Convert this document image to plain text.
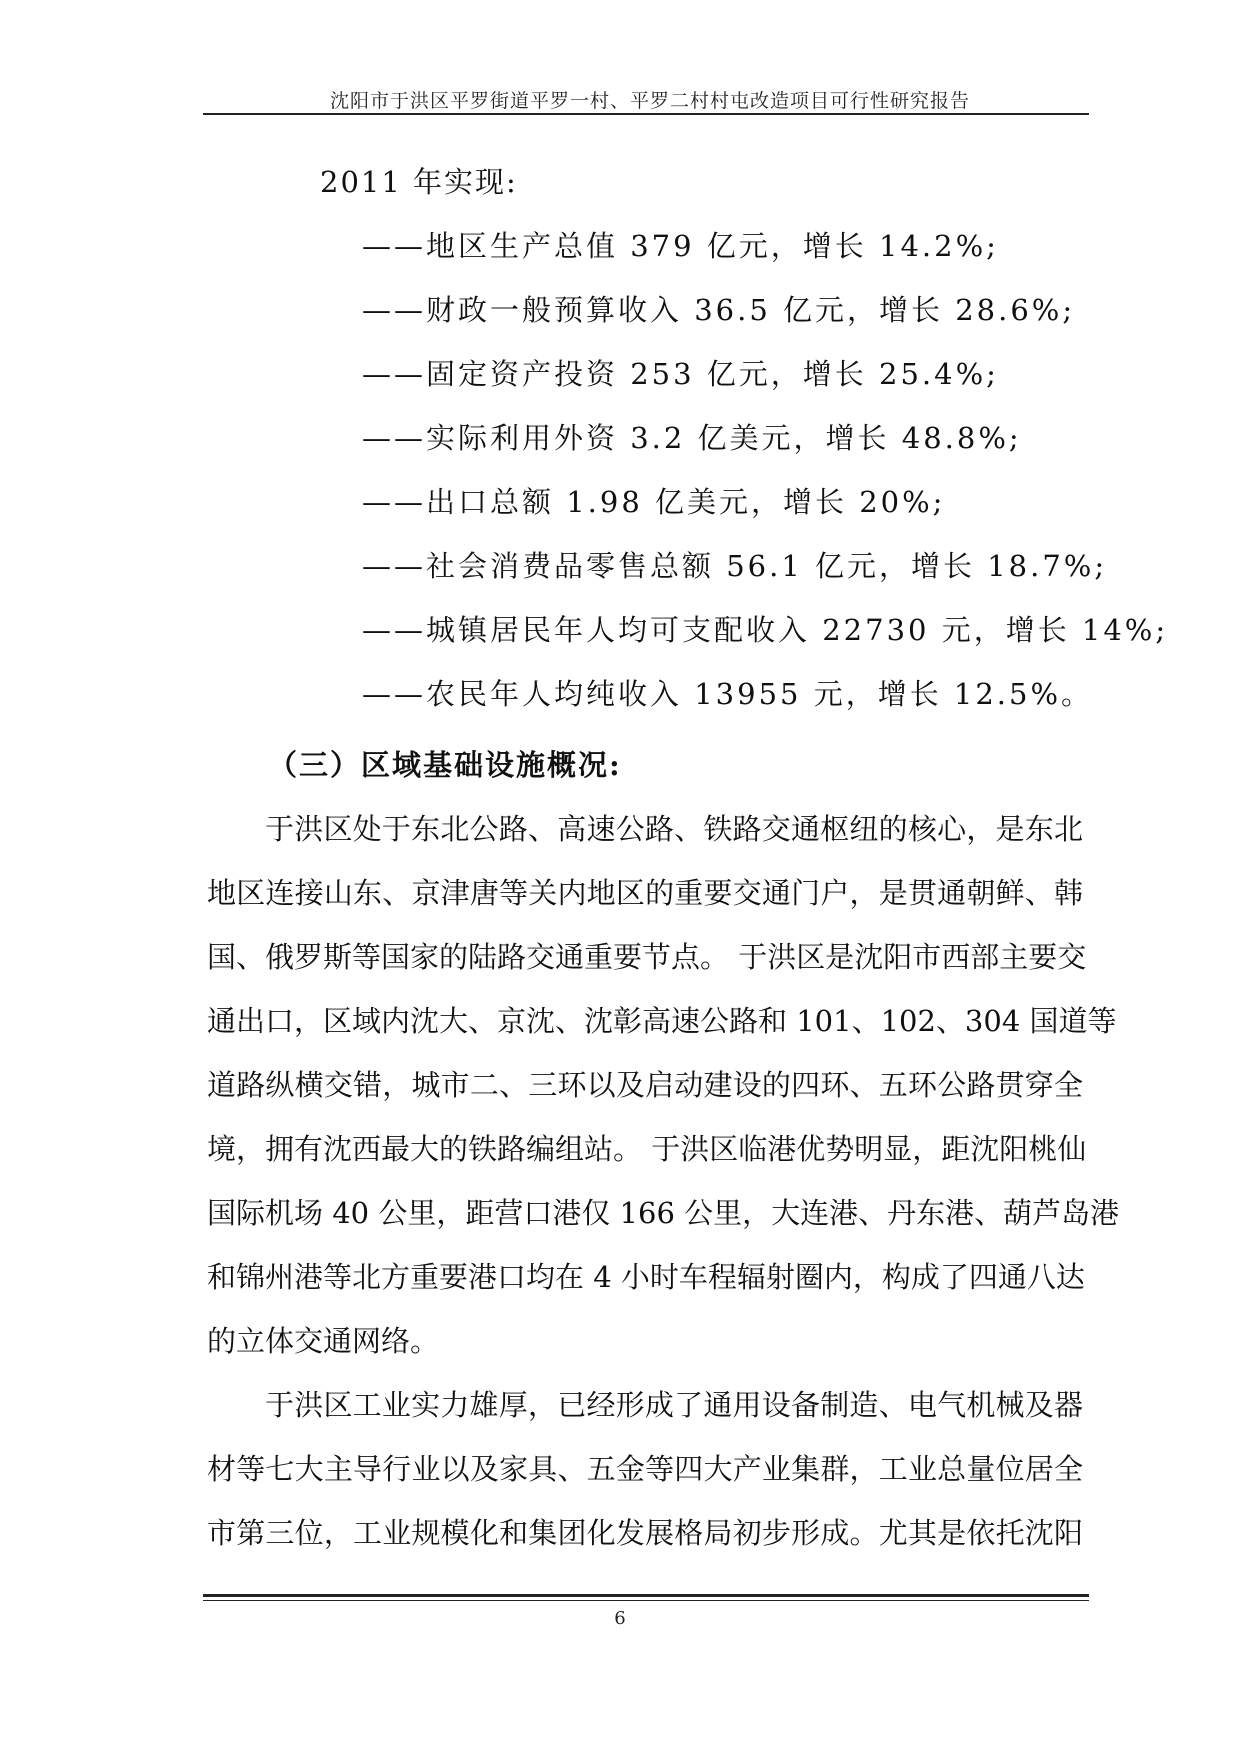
沈阳市于洪区平罗街道平罗一村、平罗二村村屯改造项目可行性研究报告
2011 年实现:
——地区生产总值 379 亿元，增长 14.2%;
——财政一般预算收入 36.5 亿元，增长 28.6%;
——固定资产投资 253 亿元，增长 25.4%;
——实际利用外资 3.2 亿美元，增长 48.8%;
——出口总额 1.98 亿美元，增长 20%;
——社会消费品零售总额 56.1 亿元，增长 18.7%;
——城镇居民年人均可支配收入 22730 元，增长 14%;
——农民年人均纯收入 13955 元，增长 12.5%。
（三）区域基础设施概况:
于洪区处于东北公路、高速公路、铁路交通枢纽的核心，是东北
地区连接山东、京津唐等关内地区的重要交通门户，是贯通朝鲜、韩
国、俄罗斯等国家的陆路交通重要节点。 于洪区是沈阳市西部主要交
通出口，区域内沈大、京沈、沈彰高速公路和 101、102、304 国道等
道路纵横交错，城市二、三环以及启动建设的四环、五环公路贯穿全
境，拥有沈西最大的铁路编组站。 于洪区临港优势明显，距沈阳桃仙
国际机场 40 公里，距营口港仅 166 公里，大连港、丹东港、葫芦岛港
和锦州港等北方重要港口均在 4 小时车程辐射圈内，构成了四通八达
的立体交通网络。
于洪区工业实力雄厚，已经形成了通用设备制造、电气机械及器
材等七大主导行业以及家具、五金等四大产业集群，工业总量位居全
市第三位，工业规模化和集团化发展格局初步形成。尤其是依托沈阳
6
